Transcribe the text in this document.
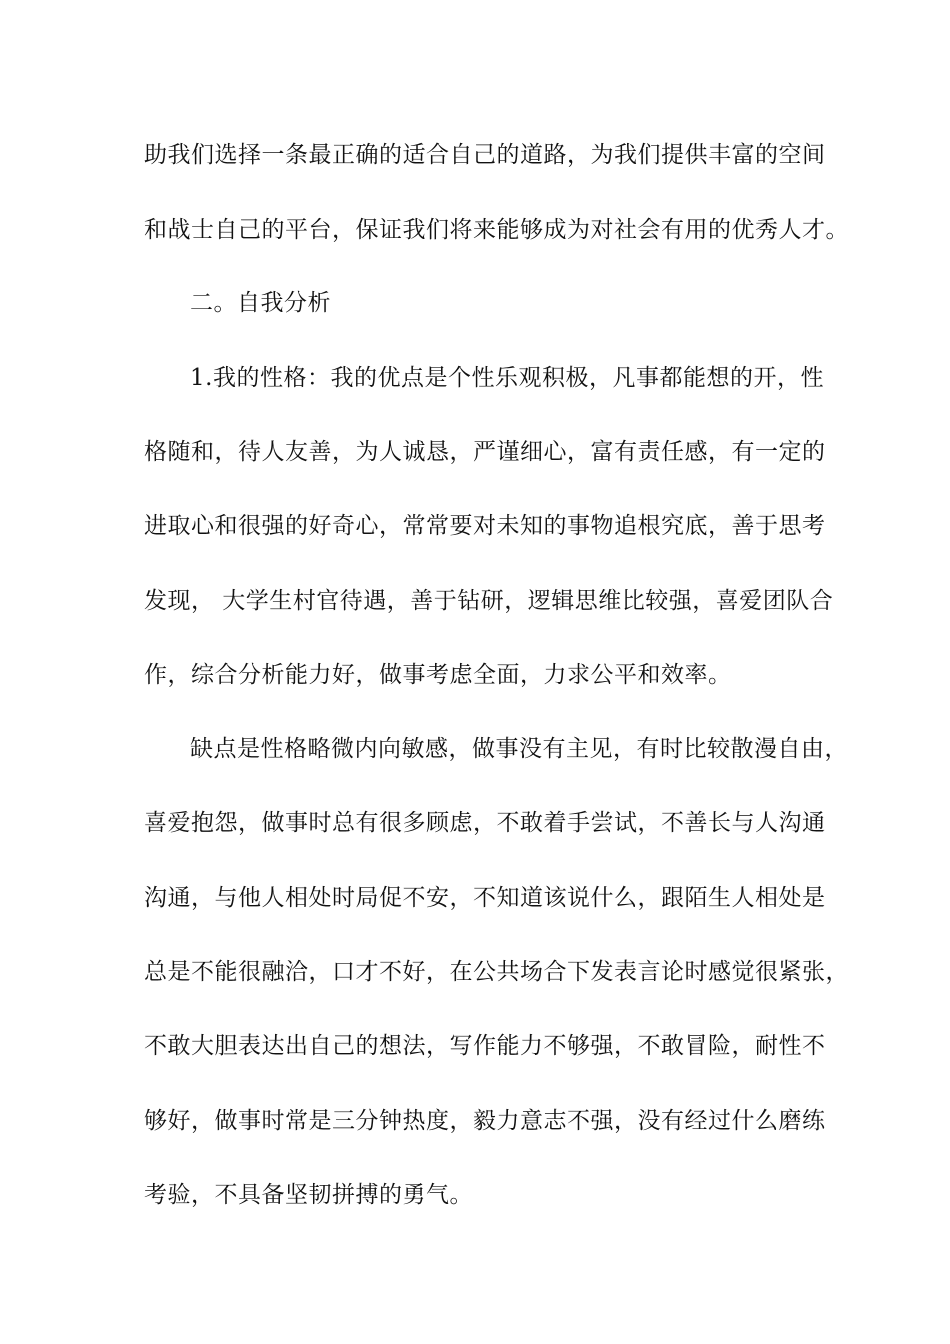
助我们选择一条最正确的适合自己的道路，为我们提供丰富的空间
和战士自己的平台，保证我们将来能够成为对社会有用的优秀人才。
二。自我分析
1.我的性格：我的优点是个性乐观积极，凡事都能想的开，性
格随和，待人友善，为人诚恳，严谨细心，富有责任感，有一定的
进取心和很强的好奇心，常常要对未知的事物追根究底，善于思考
发现， 大学生村官待遇，善于钻研，逻辑思维比较强，喜爱团队合
作，综合分析能力好，做事考虑全面，力求公平和效率。
缺点是性格略微内向敏感，做事没有主见，有时比较散漫自由，
喜爱抱怨，做事时总有很多顾虑，不敢着手尝试，不善长与人沟通
沟通，与他人相处时局促不安，不知道该说什么，跟陌生人相处是
总是不能很融洽，口才不好，在公共场合下发表言论时感觉很紧张，
不敢大胆表达出自己的想法，写作能力不够强，不敢冒险，耐性不
够好，做事时常是三分钟热度，毅力意志不强，没有经过什么磨练
考验，不具备坚韧拼搏的勇气。
